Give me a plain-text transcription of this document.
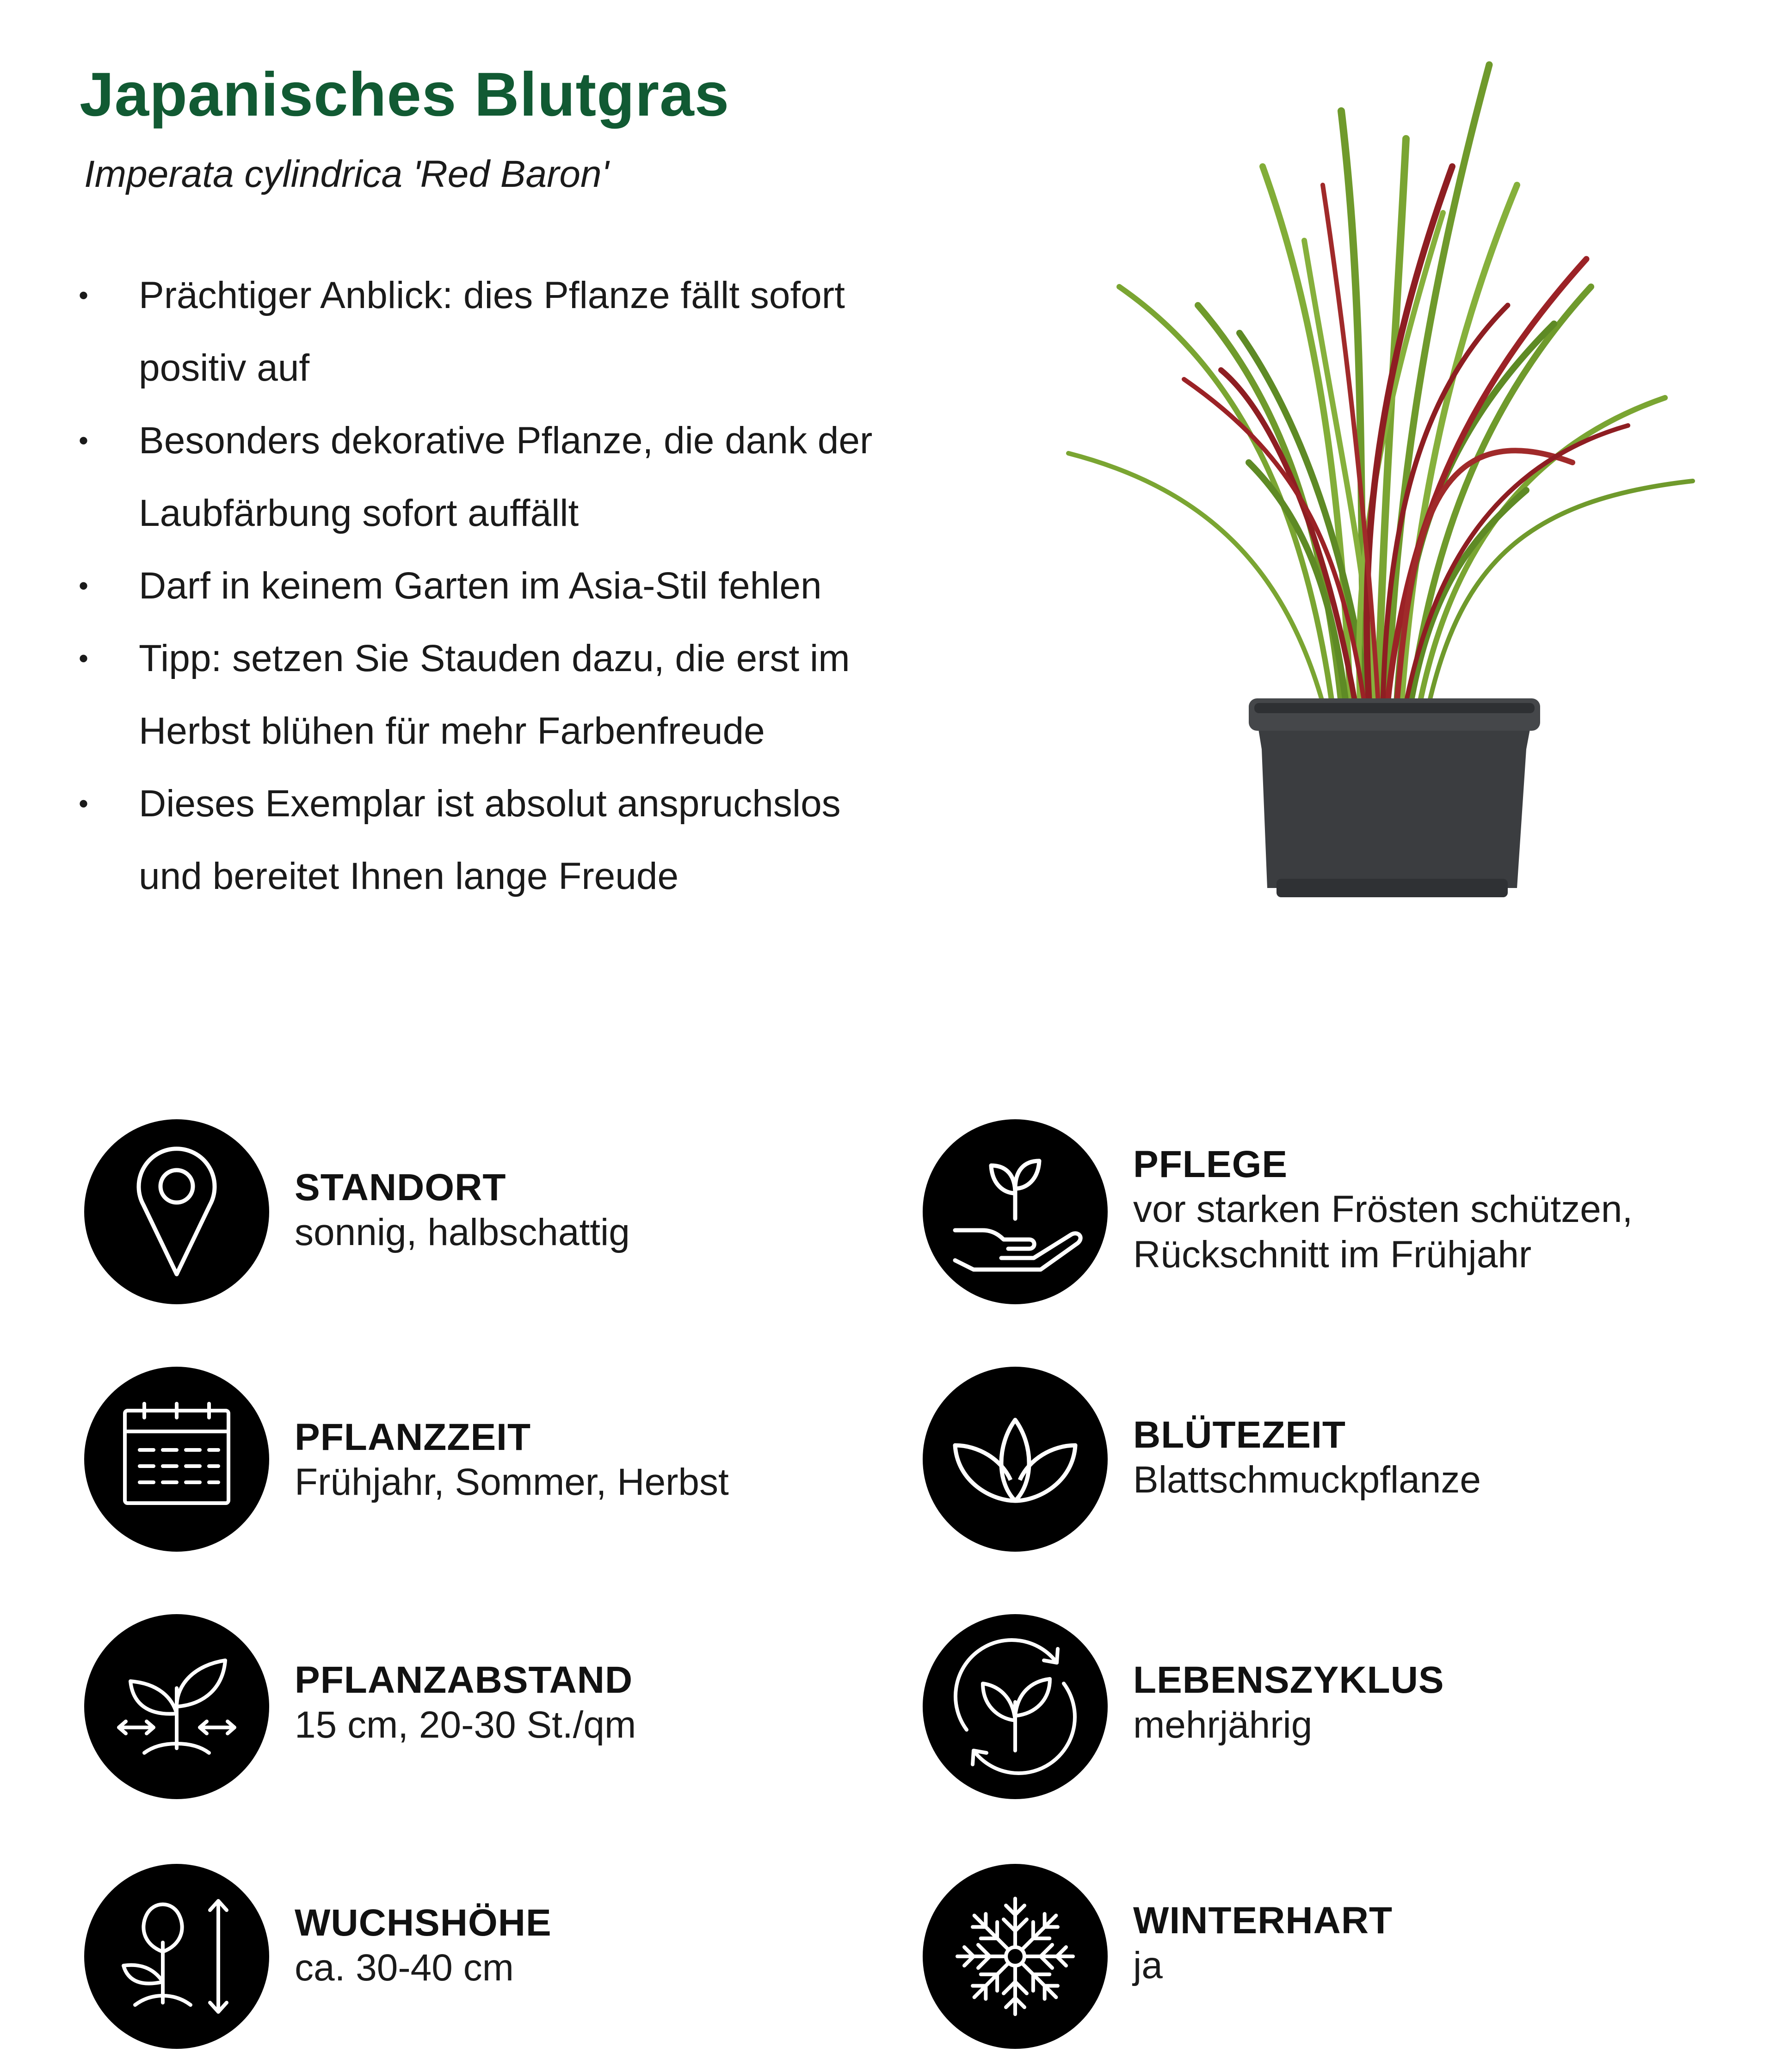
Japanisches Blutgras
Imperata cylindrica 'Red Baron'
• Prächtiger Anblick: dies Pflanze fällt sofort
positiv auf
• Besonders dekorative Pflanze, die dank der
Laubfärbung sofort auffällt
• Darf in keinem Garten im Asia-Stil fehlen
• Tipp: setzen Sie Stauden dazu, die erst im
Herbst blühen für mehr Farbenfreude
• Dieses Exemplar ist absolut anspruchslos
und bereitet Ihnen lange Freude
STANDORT
sonnig, halbschattig
PFLEGE
vor starken Frösten schützen,
Rückschnitt im Frühjahr
PFLANZZEIT
Frühjahr, Sommer, Herbst
BLÜTEZEIT
Blattschmuckpflanze
PFLANZABSTAND
15 cm, 20-30 St./qm
LEBENSZYKLUS
mehrjährig
WUCHSHÖHE
ca. 30-40 cm
WINTERHART
ja
